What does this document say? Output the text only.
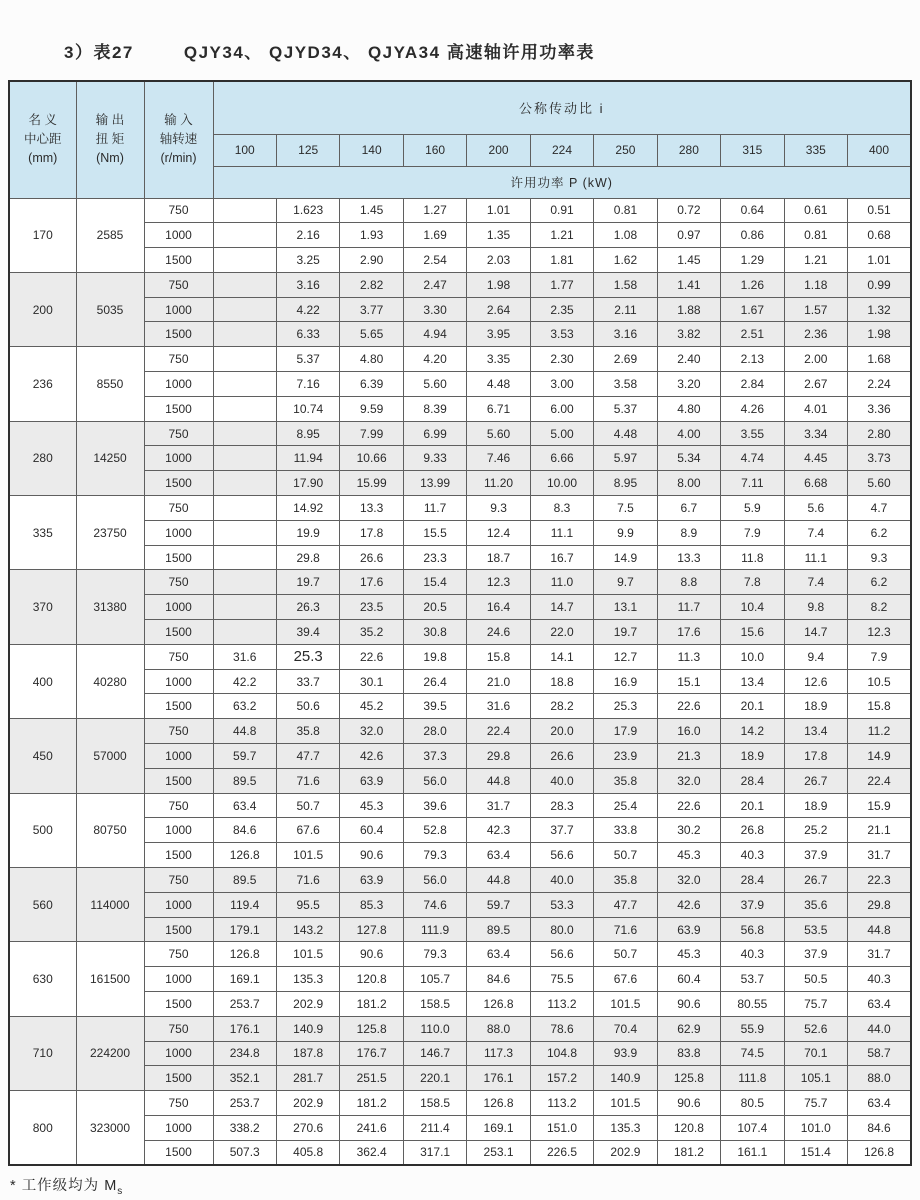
3）表27	QJY34、 QJYD34、 QJYA34 高速轴许用功率表
名 义
中心距
(mm)

输 出
扭 矩
(Nm)

输 入
轴转速
(r/min)
	公称传动比 i
			100	125	140	160	200	224	250	280	315	335	400
			许用功率 P (kW)										
170	2585	750		1.623	1.45	1.27	1.01	0.91	0.81	0.72	0.64	0.61	0.51
		1000		2.16	1.93	1.69	1.35	1.21	1.08	0.97	0.86	0.81	0.68
		1500		3.25	2.90	2.54	2.03	1.81	1.62	1.45	1.29	1.21	1.01
200	5035	750		3.16	2.82	2.47	1.98	1.77	1.58	1.41	1.26	1.18	0.99
		1000		4.22	3.77	3.30	2.64	2.35	2.11	1.88	1.67	1.57	1.32
		1500		6.33	5.65	4.94	3.95	3.53	3.16	3.82	2.51	2.36	1.98
236	8550	750		5.37	4.80	4.20	3.35	2.30	2.69	2.40	2.13	2.00	1.68
		1000		7.16	6.39	5.60	4.48	3.00	3.58	3.20	2.84	2.67	2.24
		1500		10.74	9.59	8.39	6.71	6.00	5.37	4.80	4.26	4.01	3.36
280	14250	750		8.95	7.99	6.99	5.60	5.00	4.48	4.00	3.55	3.34	2.80
		1000		11.94	10.66	9.33	7.46	6.66	5.97	5.34	4.74	4.45	3.73
		1500		17.90	15.99	13.99	11.20	10.00	8.95	8.00	7.11	6.68	5.60
335	23750	750		14.92	13.3	11.7	9.3	8.3	7.5	6.7	5.9	5.6	4.7
		1000		19.9	17.8	15.5	12.4	11.1	9.9	8.9	7.9	7.4	6.2
		1500		29.8	26.6	23.3	18.7	16.7	14.9	13.3	11.8	11.1	9.3
370	31380	750		19.7	17.6	15.4	12.3	11.0	9.7	8.8	7.8	7.4	6.2
		1000		26.3	23.5	20.5	16.4	14.7	13.1	11.7	10.4	9.8	8.2
		1500		39.4	35.2	30.8	24.6	22.0	19.7	17.6	15.6	14.7	12.3
400	40280	750	31.6	25.3	22.6	19.8	15.8	14.1	12.7	11.3	10.0	9.4	7.9
		1000	42.2	33.7	30.1	26.4	21.0	18.8	16.9	15.1	13.4	12.6	10.5
		1500	63.2	50.6	45.2	39.5	31.6	28.2	25.3	22.6	20.1	18.9	15.8
450	57000	750	44.8	35.8	32.0	28.0	22.4	20.0	17.9	16.0	14.2	13.4	11.2
		1000	59.7	47.7	42.6	37.3	29.8	26.6	23.9	21.3	18.9	17.8	14.9
		1500	89.5	71.6	63.9	56.0	44.8	40.0	35.8	32.0	28.4	26.7	22.4
500	80750	750	63.4	50.7	45.3	39.6	31.7	28.3	25.4	22.6	20.1	18.9	15.9
		1000	84.6	67.6	60.4	52.8	42.3	37.7	33.8	30.2	26.8	25.2	21.1
		1500	126.8	101.5	90.6	79.3	63.4	56.6	50.7	45.3	40.3	37.9	31.7
560	114000	750	89.5	71.6	63.9	56.0	44.8	40.0	35.8	32.0	28.4	26.7	22.3
		1000	119.4	95.5	85.3	74.6	59.7	53.3	47.7	42.6	37.9	35.6	29.8
		1500	179.1	143.2	127.8	111.9	89.5	80.0	71.6	63.9	56.8	53.5	44.8
630	161500	750	126.8	101.5	90.6	79.3	63.4	56.6	50.7	45.3	40.3	37.9	31.7
		1000	169.1	135.3	120.8	105.7	84.6	75.5	67.6	60.4	53.7	50.5	40.3
		1500	253.7	202.9	181.2	158.5	126.8	113.2	101.5	90.6	80.55	75.7	63.4
710	224200	750	176.1	140.9	125.8	110.0	88.0	78.6	70.4	62.9	55.9	52.6	44.0
		1000	234.8	187.8	176.7	146.7	117.3	104.8	93.9	83.8	74.5	70.1	58.7
		1500	352.1	281.7	251.5	220.1	176.1	157.2	140.9	125.8	111.8	105.1	88.0
800	323000	750	253.7	202.9	181.2	158.5	126.8	113.2	101.5	90.6	80.5	75.7	63.4
		1000	338.2	270.6	241.6	211.4	169.1	151.0	135.3	120.8	107.4	101.0	84.6
		1500	507.3	405.8	362.4	317.1	253.1	226.5	202.9	181.2	161.1	151.4	126.8
* 工作级均为 $M_s$
